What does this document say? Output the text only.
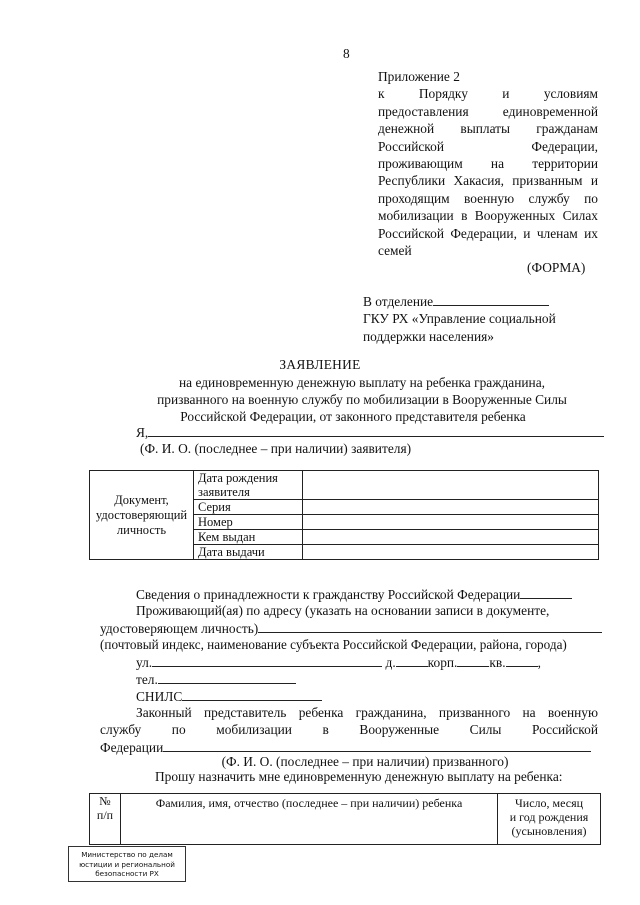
8
Приложение 2
к Порядку и условиям
предоставления единовременной
денежной выплаты гражданам
Российской Федерации,
проживающим на территории
Республики Хакасия, призванным и
проходящим военную службу по
мобилизации в Вооруженных Силах
Российской Федерации, и членам их
семей
(ФОРМА)
В отделение
ГКУ РХ «Управление социальной
поддержки населения»
ЗАЯВЛЕНИЕ
на единовременную денежную выплату на ребенка гражданина,
призванного на военную службу по мобилизации в Вооруженные Силы
Российской Федерации, от законного представителя ребенка
Я,
(Ф. И. О. (последнее – при наличии) заявителя)
Документ, удостоверяющий личность	Дата рождения заявителя	
	Серия	
	Номер	
	Кем выдан	
	Дата выдачи	
Сведения о принадлежности к гражданству Российской Федерации
Проживающий(ая) по адресу (указать на основании записи в документе,
удостоверяющем личность)
(почтовый индекс, наименование субъекта Российской Федерации, района, города)
ул.	д. корп. кв. ,
тел.
СНИЛС
Законный представитель ребенка гражданина, призванного на военную
службу по мобилизации в Вооруженные Силы Российской
Федерации
(Ф. И. О. (последнее – при наличии) призванного)
Прошу назначить мне единовременную денежную выплату на ребенка:
№
п/п
	Фамилия, имя, отчество (последнее – при наличии) ребенка	Число, месяц
и год рождения
(усыновления)
Министерство по делам
юстиции и региональной
безопасности РХ
